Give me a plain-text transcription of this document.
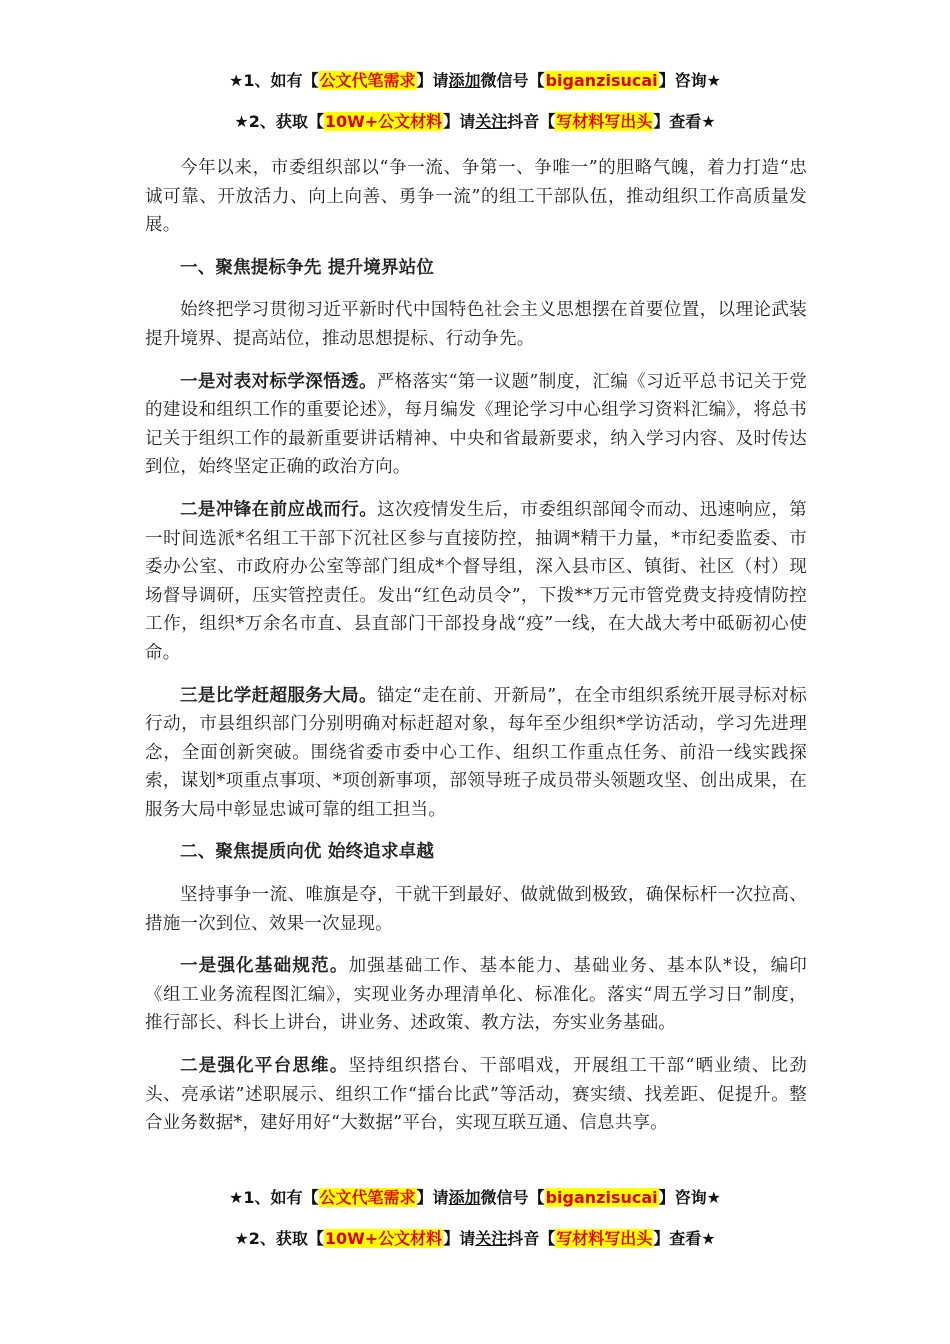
★1、如有【公文代笔需求】请添加微信号【biganzisucai】咨询★
★2、获取【10W+公文材料】请关注抖音【写材料写出头】查看★

今年以来，市委组织部以“争一流、争第一、争唯一”的胆略气魄，着力打造“忠诚可靠、开放活力、向上向善、勇争一流”的组工干部队伍，推动组织工作高质量发展。

一、聚焦提标争先 提升境界站位

始终把学习贯彻习近平新时代中国特色社会主义思想摆在首要位置，以理论武装提升境界、提高站位，推动思想提标、行动争先。

一是对表对标学深悟透。严格落实“第一议题”制度，汇编《习近平总书记关于党的建设和组织工作的重要论述》，每月编发《理论学习中心组学习资料汇编》，将总书记关于组织工作的最新重要讲话精神、中央和省最新要求，纳入学习内容、及时传达到位，始终坚定正确的政治方向。

二是冲锋在前应战而行。这次疫情发生后，市委组织部闻令而动、迅速响应，第一时间选派*名组工干部下沉社区参与直接防控，抽调*精干力量，*市纪委监委、市委办公室、市政府办公室等部门组成*个督导组，深入县市区、镇街、社区（村）现场督导调研，压实管控责任。发出“红色动员令”，下拨**万元市管党费支持疫情防控工作，组织*万余名市直、县直部门干部投身战“疫”一线，在大战大考中砥砺初心使命。

三是比学赶超服务大局。锚定“走在前、开新局”，在全市组织系统开展寻标对标行动，市县组织部门分别明确对标赶超对象，每年至少组织*学访活动，学习先进理念，全面创新突破。围绕省委市委中心工作、组织工作重点任务、前沿一线实践探索，谋划*项重点事项、*项创新事项，部领导班子成员带头领题攻坚、创出成果，在服务大局中彰显忠诚可靠的组工担当。

二、聚焦提质向优 始终追求卓越

坚持事争一流、唯旗是夺，干就干到最好、做就做到极致，确保标杆一次拉高、措施一次到位、效果一次显现。

一是强化基础规范。加强基础工作、基本能力、基础业务、基本队*设，编印《组工业务流程图汇编》，实现业务办理清单化、标准化。落实“周五学习日”制度，推行部长、科长上讲台，讲业务、述政策、教方法，夯实业务基础。

二是强化平台思维。坚持组织搭台、干部唱戏，开展组工干部“晒业绩、比劲头、亮承诺”述职展示、组织工作“擂台比武”等活动，赛实绩、找差距、促提升。整合业务数据*，建好用好“大数据”平台，实现互联互通、信息共享。

★1、如有【公文代笔需求】请添加微信号【biganzisucai】咨询★
★2、获取【10W+公文材料】请关注抖音【写材料写出头】查看★
